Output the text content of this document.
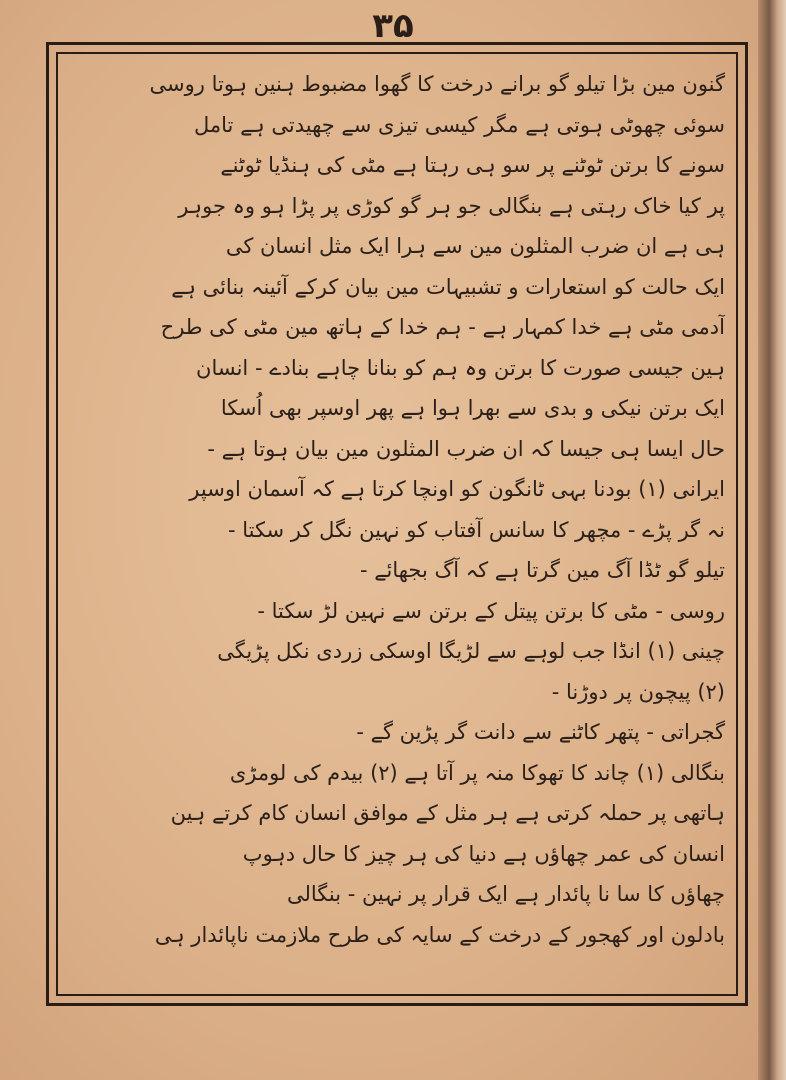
۳۵
گنون مین بڑا تیلو گو برانے درخت کا گھوا مضبوط ہنین ہوتا روسی
سوئی چھوٹی ہوتی ہے مگر کیسی تیزی سے چھیدتی ہے تامل
سونے کا برتن ٹوٹنے پر سو ہی رہتا ہے مٹی کی ہنڈیا ٹوٹنے
پر کیا خاک رہتی ہے بنگالی جو ہر گو کوڑی پر پڑا ہو وہ جوہر
ہی ہے ان ضرب المثلون مین سے ہرا ایک مثل انسان کی
ایک حالت کو استعارات و تشبیہات مین بیان کرکے آئینہ بنائی ہے
آدمی مٹی ہے خدا کمہار ہے - ہم خدا کے ہاتھ مین مٹی کی طرح
ہین جیسی صورت کا برتن وہ ہم کو بنانا چاہے بنادے - انسان
ایک برتن نیکی و بدی سے بھرا ہوا ہے پھر اوسپر بھی اُسکا
حال ایسا ہی جیسا کہ ان ضرب المثلون مین بیان ہوتا ہے -
ایرانی (۱) بودنا بہی ٹانگون کو اونچا کرتا ہے کہ آسمان اوسپر
نہ گر پڑے - مچھر کا سانس آفتاب کو نہین نگل کر سکتا -
تیلو گو ٹڈا آگ مین گرتا ہے کہ آگ بجھائے -
روسی - مٹی کا برتن پیتل کے برتن سے نہین لڑ سکتا -
چینی (۱) انڈا جب لوہے سے لڑیگا اوسکی زردی نکل پڑیگی
(۲) پیچون پر دوڑنا -
گجراتی - پتھر کاٹنے سے دانت گر پڑین گے -
بنگالی (۱) چاند کا تھوکا منہ پر آتا ہے (۲) بیدم کی لومڑی
ہاتھی پر حملہ کرتی ہے ہر مثل کے موافق انسان کام کرتے ہین
انسان کی عمر چھاؤں ہے دنیا کی ہر چیز کا حال دہوپ
چھاؤں کا سا نا پائدار ہے ایک قرار پر نہین - بنگالی
بادلون اور کھجور کے درخت کے سایہ کی طرح ملازمت ناپائدار ہی
